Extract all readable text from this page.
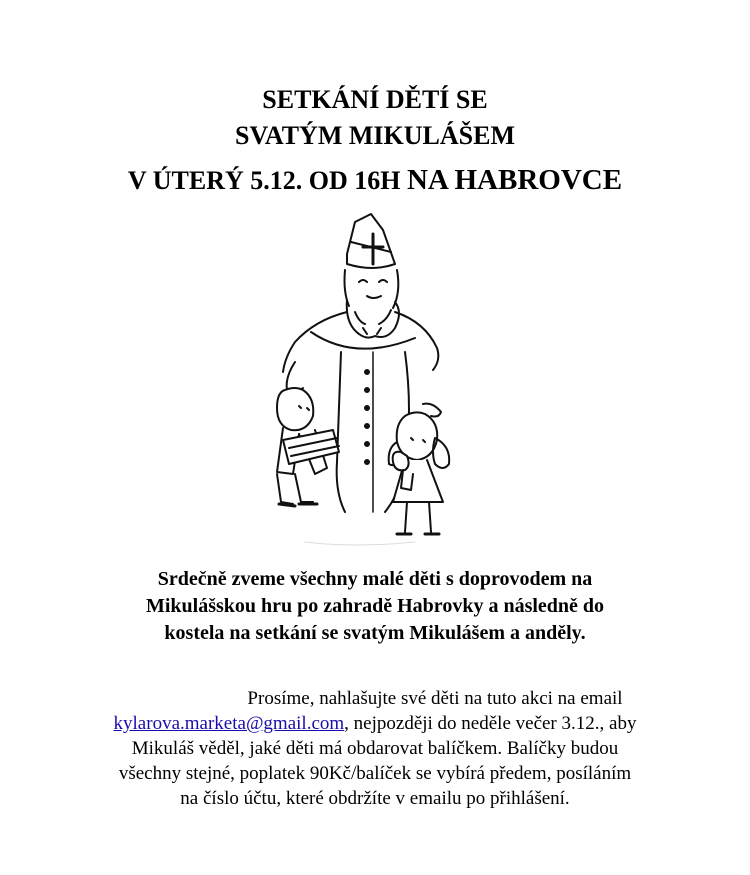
SETKÁNÍ DĚTÍ SE
SVATÝM MIKULÁŠEM
V ÚTERÝ 5.12. OD 16H NA HABROVCE
Srdečně zveme všechny malé děti s doprovodem na
Mikulášskou hru po zahradě Habrovky a následně do
kostela na setkání se svatým Mikulášem a anděly.
Prosíme, nahlašujte své děti na tuto akci na email
kylarova.marketa@gmail.com, nejpozději do neděle večer 3.12., aby
Mikuláš věděl, jaké děti má obdarovat balíčkem. Balíčky budou
všechny stejné, poplatek 90Kč/balíček se vybírá předem, posíláním
na číslo účtu, které obdržíte v emailu po přihlášení.
